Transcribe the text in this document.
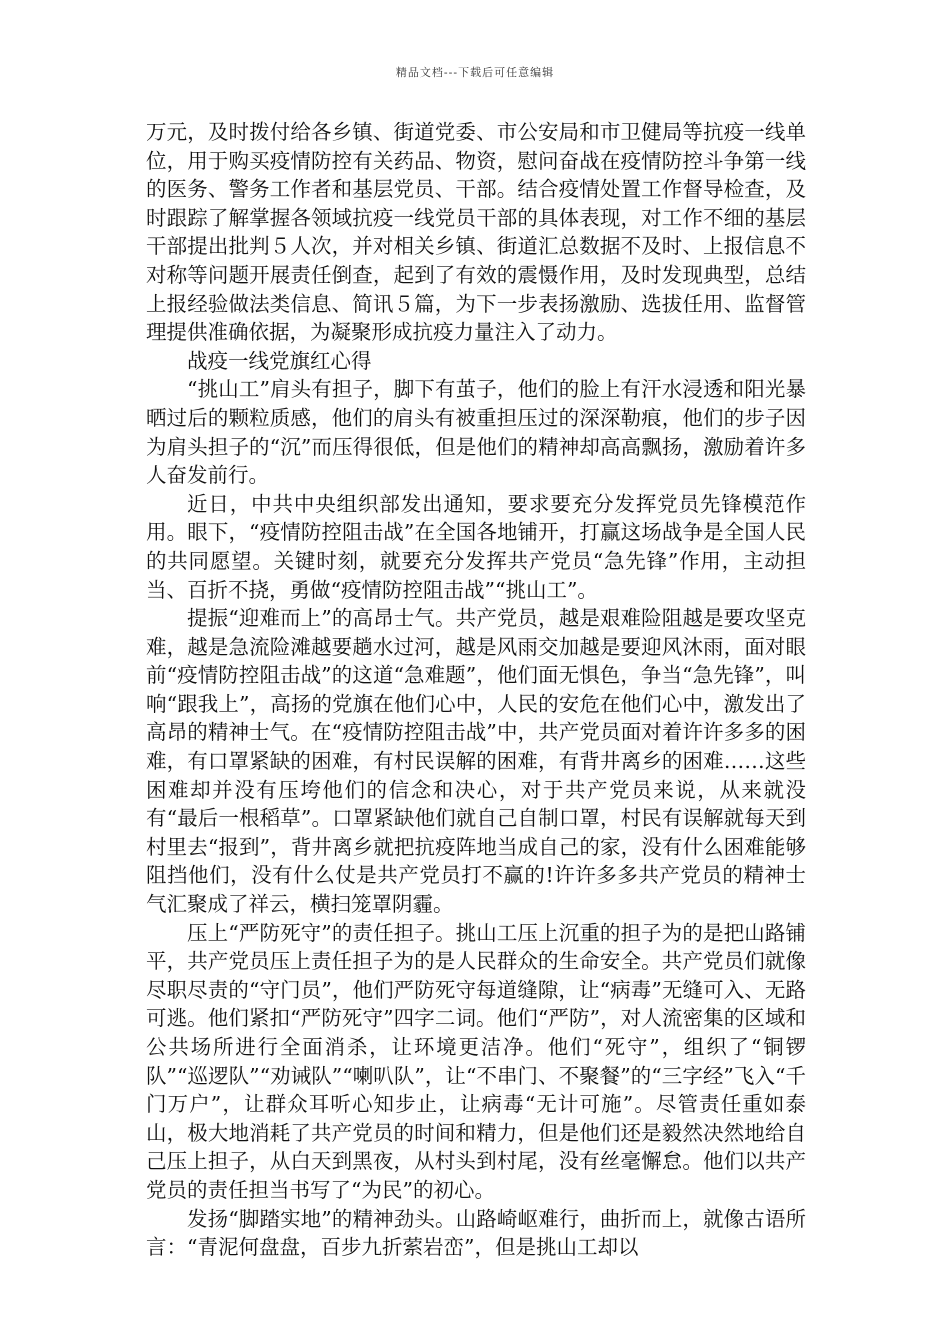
精品文档---下载后可任意编辑

万元，及时拨付给各乡镇、街道党委、市公安局和市卫健局等抗疫一线单位，用于购买疫情防控有关药品、物资，慰问奋战在疫情防控斗争第一线的医务、警务工作者和基层党员、干部。结合疫情处置工作督导检查，及时跟踪了解掌握各领域抗疫一线党员干部的具体表现，对工作不细的基层干部提出批判５人次，并对相关乡镇、街道汇总数据不及时、上报信息不对称等问题开展责任倒查，起到了有效的震慑作用，及时发现典型，总结上报经验做法类信息、简讯５篇，为下一步表扬激励、选拔任用、监督管理提供准确依据，为凝聚形成抗疫力量注入了动力。

战疫一线党旗红心得

“挑山工”肩头有担子，脚下有茧子，他们的脸上有汗水浸透和阳光暴晒过后的颗粒质感，他们的肩头有被重担压过的深深勒痕，他们的步子因为肩头担子的“沉”而压得很低，但是他们的精神却高高飘扬，激励着许多人奋发前行。

近日，中共中央组织部发出通知，要求要充分发挥党员先锋模范作用。眼下，“疫情防控阻击战”在全国各地铺开，打赢这场战争是全国人民的共同愿望。关键时刻，就要充分发挥共产党员“急先锋”作用，主动担当、百折不挠，勇做“疫情防控阻击战”“挑山工”。

提振“迎难而上”的高昂士气。共产党员，越是艰难险阻越是要攻坚克难，越是急流险滩越要趟水过河，越是风雨交加越是要迎风沐雨，面对眼前“疫情防控阻击战”的这道“急难题”，他们面无惧色，争当“急先锋”，叫响“跟我上”，高扬的党旗在他们心中，人民的安危在他们心中，激发出了高昂的精神士气。在“疫情防控阻击战”中，共产党员面对着许许多多的困难，有口罩紧缺的困难，有村民误解的困难，有背井离乡的困难……这些困难却并没有压垮他们的信念和决心，对于共产党员来说，从来就没有“最后一根稻草”。口罩紧缺他们就自己自制口罩，村民有误解就每天到村里去“报到”，背井离乡就把抗疫阵地当成自己的家，没有什么困难能够阻挡他们，没有什么仗是共产党员打不赢的!许许多多共产党员的精神士气汇聚成了祥云，横扫笼罩阴霾。

压上“严防死守”的责任担子。挑山工压上沉重的担子为的是把山路铺平，共产党员压上责任担子为的是人民群众的生命安全。共产党员们就像尽职尽责的“守门员”，他们严防死守每道缝隙，让“病毒”无缝可入、无路可逃。他们紧扣“严防死守”四字二词。他们“严防”，对人流密集的区域和公共场所进行全面消杀，让环境更洁净。他们“死守”，组织了“铜锣队”“巡逻队”“劝诫队”“喇叭队”，让“不串门、不聚餐”的“三字经”飞入“千门万户”，让群众耳听心知步止，让病毒“无计可施”。尽管责任重如泰山，极大地消耗了共产党员的时间和精力，但是他们还是毅然决然地给自己压上担子，从白天到黑夜，从村头到村尾，没有丝毫懈怠。他们以共产党员的责任担当书写了“为民”的初心。

发扬“脚踏实地”的精神劲头。山路崎岖难行，曲折而上，就像古语所言：“青泥何盘盘，百步九折萦岩峦”，但是挑山工却以
